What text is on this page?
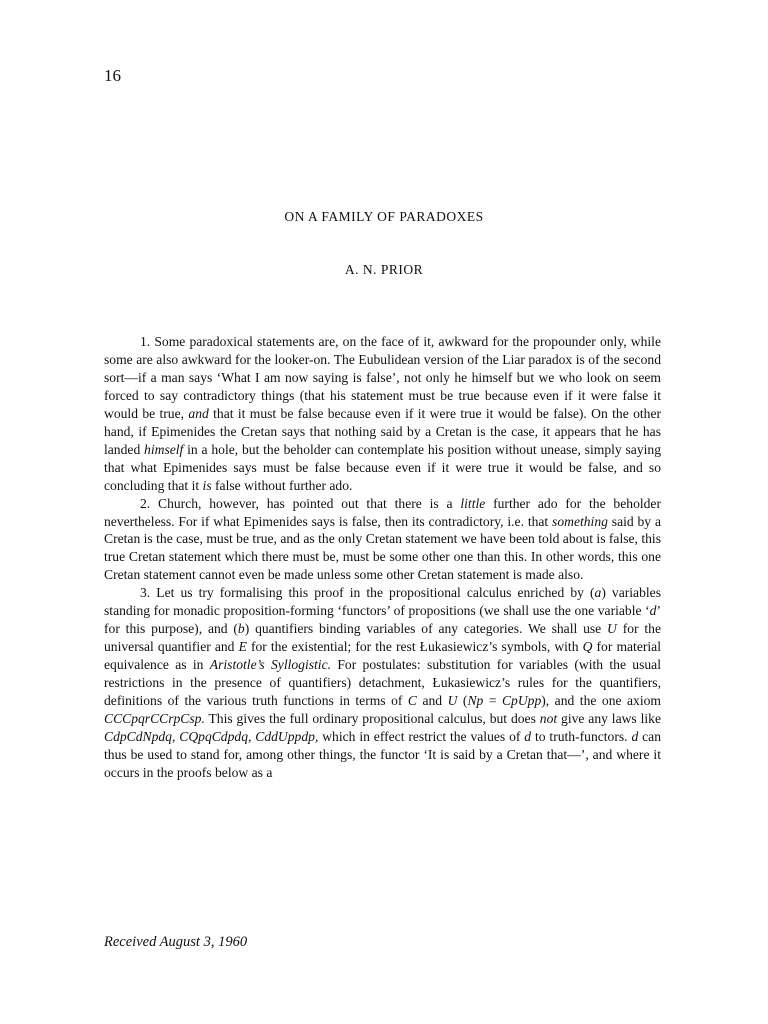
16
ON A FAMILY OF PARADOXES
A. N. PRIOR

1. Some paradoxical statements are, on the face of it, awkward for the propounder only, while some are also awkward for the looker-on. The Eubulidean version of the Liar paradox is of the second sort—if a man says ‘What I am now saying is false’, not only he himself but we who look on seem forced to say contradictory things (that his statement must be true because even if it were false it would be true, and that it must be false because even if it were true it would be false). On the other hand, if Epimenides the Cretan says that nothing said by a Cretan is the case, it appears that he has landed himself in a hole, but the beholder can contemplate his position without unease, simply saying that what Epimenides says must be false because even if it were true it would be false, and so concluding that it is false without further ado.

2. Church, however, has pointed out that there is a little further ado for the beholder nevertheless. For if what Epimenides says is false, then its contradictory, i.e. that something said by a Cretan is the case, must be true, and as the only Cretan statement we have been told about is false, this true Cretan statement which there must be, must be some other one than this. In other words, this one Cretan statement cannot even be made unless some other Cretan statement is made also.

3. Let us try formalising this proof in the propositional calculus enriched by (a) variables standing for monadic proposition-forming ‘functors’ of propositions (we shall use the one variable ‘d’ for this purpose), and (b) quantifiers binding variables of any categories. We shall use U for the universal quantifier and E for the existential; for the rest Łukasiewicz’s symbols, with Q for material equivalence as in Aristotle’s Syllogistic. For postulates: substitution for variables (with the usual restrictions in the presence of quantifiers) detachment, Łukasiewicz’s rules for the quantifiers, definitions of the various truth functions in terms of C and U (Np = CpUpp), and the one axiom CCCpqrCCrpCsp. This gives the full ordinary propositional calculus, but does not give any laws like CdpCdNpdq, CQpqCdpdq, CddUppdp, which in effect restrict the values of d to truth-functors. d can thus be used to stand for, among other things, the functor ‘It is said by a Cretan that—’, and where it occurs in the proofs below as a

Received August 3, 1960
